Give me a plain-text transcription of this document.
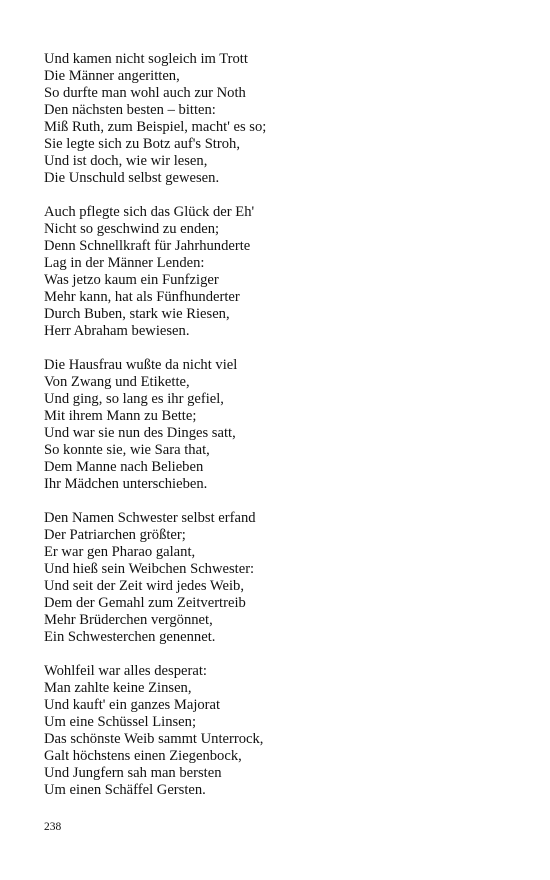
Und kamen nicht sogleich im Trott
Die Männer angeritten,
So durfte man wohl auch zur Noth
Den nächsten besten – bitten:
Miß Ruth, zum Beispiel, macht' es so;
Sie legte sich zu Botz auf's Stroh,
Und ist doch, wie wir lesen,
Die Unschuld selbst gewesen.
Auch pflegte sich das Glück der Eh'
Nicht so geschwind zu enden;
Denn Schnellkraft für Jahrhunderte
Lag in der Männer Lenden:
Was jetzo kaum ein Funfziger
Mehr kann, hat als Fünfhunderter
Durch Buben, stark wie Riesen,
Herr Abraham bewiesen.
Die Hausfrau wußte da nicht viel
Von Zwang und Etikette,
Und ging, so lang es ihr gefiel,
Mit ihrem Mann zu Bette;
Und war sie nun des Dinges satt,
So konnte sie, wie Sara that,
Dem Manne nach Belieben
Ihr Mädchen unterschieben.
Den Namen Schwester selbst erfand
Der Patriarchen größter;
Er war gen Pharao galant,
Und hieß sein Weibchen Schwester:
Und seit der Zeit wird jedes Weib,
Dem der Gemahl zum Zeitvertreib
Mehr Brüderchen vergönnet,
Ein Schwesterchen genennet.
Wohlfeil war alles desperat:
Man zahlte keine Zinsen,
Und kauft' ein ganzes Majorat
Um eine Schüssel Linsen;
Das schönste Weib sammt Unterrock,
Galt höchstens einen Ziegenbock,
Und Jungfern sah man bersten
Um einen Schäffel Gersten.
238
